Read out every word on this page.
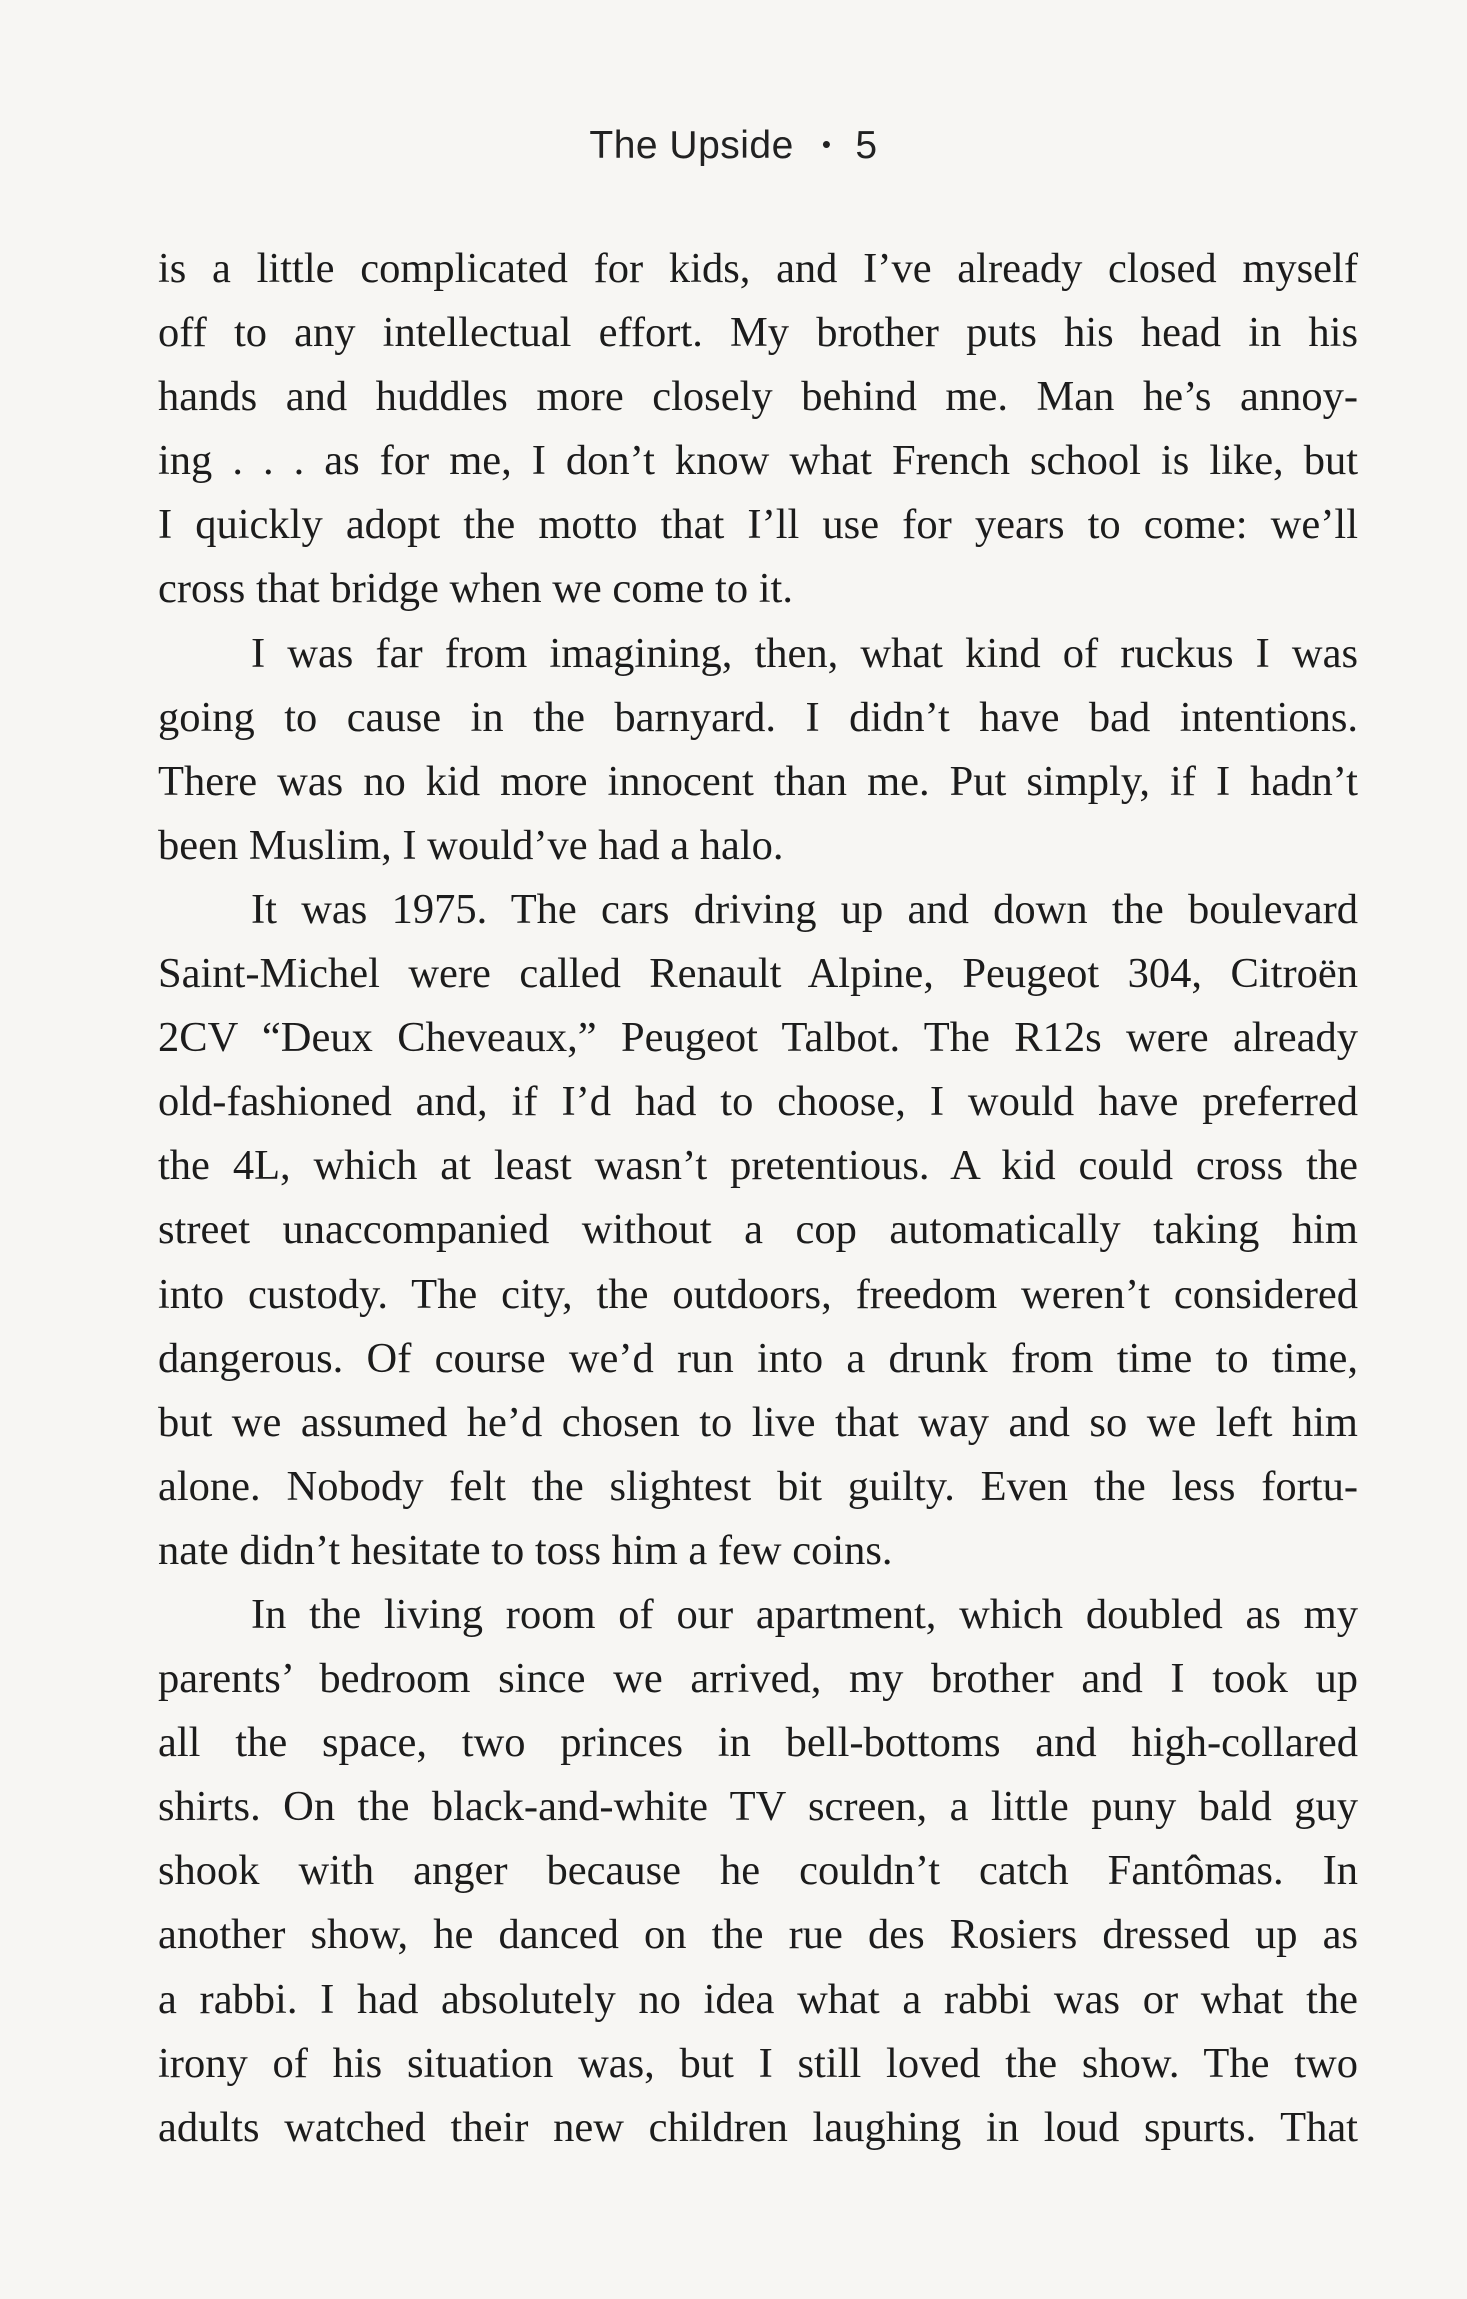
The Upside • 5
is a little complicated for kids, and I’ve already closed myself
off to any intellectual effort. My brother puts his head in his
hands and huddles more closely behind me. Man he’s annoy-
ing . . . as for me, I don’t know what French school is like, but
I quickly adopt the motto that I’ll use for years to come: we’ll
cross that bridge when we come to it.
I was far from imagining, then, what kind of ruckus I was
going to cause in the barnyard. I didn’t have bad intentions.
There was no kid more innocent than me. Put simply, if I hadn’t
been Muslim, I would’ve had a halo.
It was 1975. The cars driving up and down the boulevard
Saint-Michel were called Renault Alpine, Peugeot 304, Citroën
2CV “Deux Cheveaux,” Peugeot Talbot. The R12s were already
old-fashioned and, if I’d had to choose, I would have preferred
the 4L, which at least wasn’t pretentious. A kid could cross the
street unaccompanied without a cop automatically taking him
into custody. The city, the outdoors, freedom weren’t considered
dangerous. Of course we’d run into a drunk from time to time,
but we assumed he’d chosen to live that way and so we left him
alone. Nobody felt the slightest bit guilty. Even the less fortu-
nate didn’t hesitate to toss him a few coins.
In the living room of our apartment, which doubled as my
parents’ bedroom since we arrived, my brother and I took up
all the space, two princes in bell-bottoms and high-collared
shirts. On the black-and-white TV screen, a little puny bald guy
shook with anger because he couldn’t catch Fantômas. In
another show, he danced on the rue des Rosiers dressed up as
a rabbi. I had absolutely no idea what a rabbi was or what the
irony of his situation was, but I still loved the show. The two
adults watched their new children laughing in loud spurts. That
